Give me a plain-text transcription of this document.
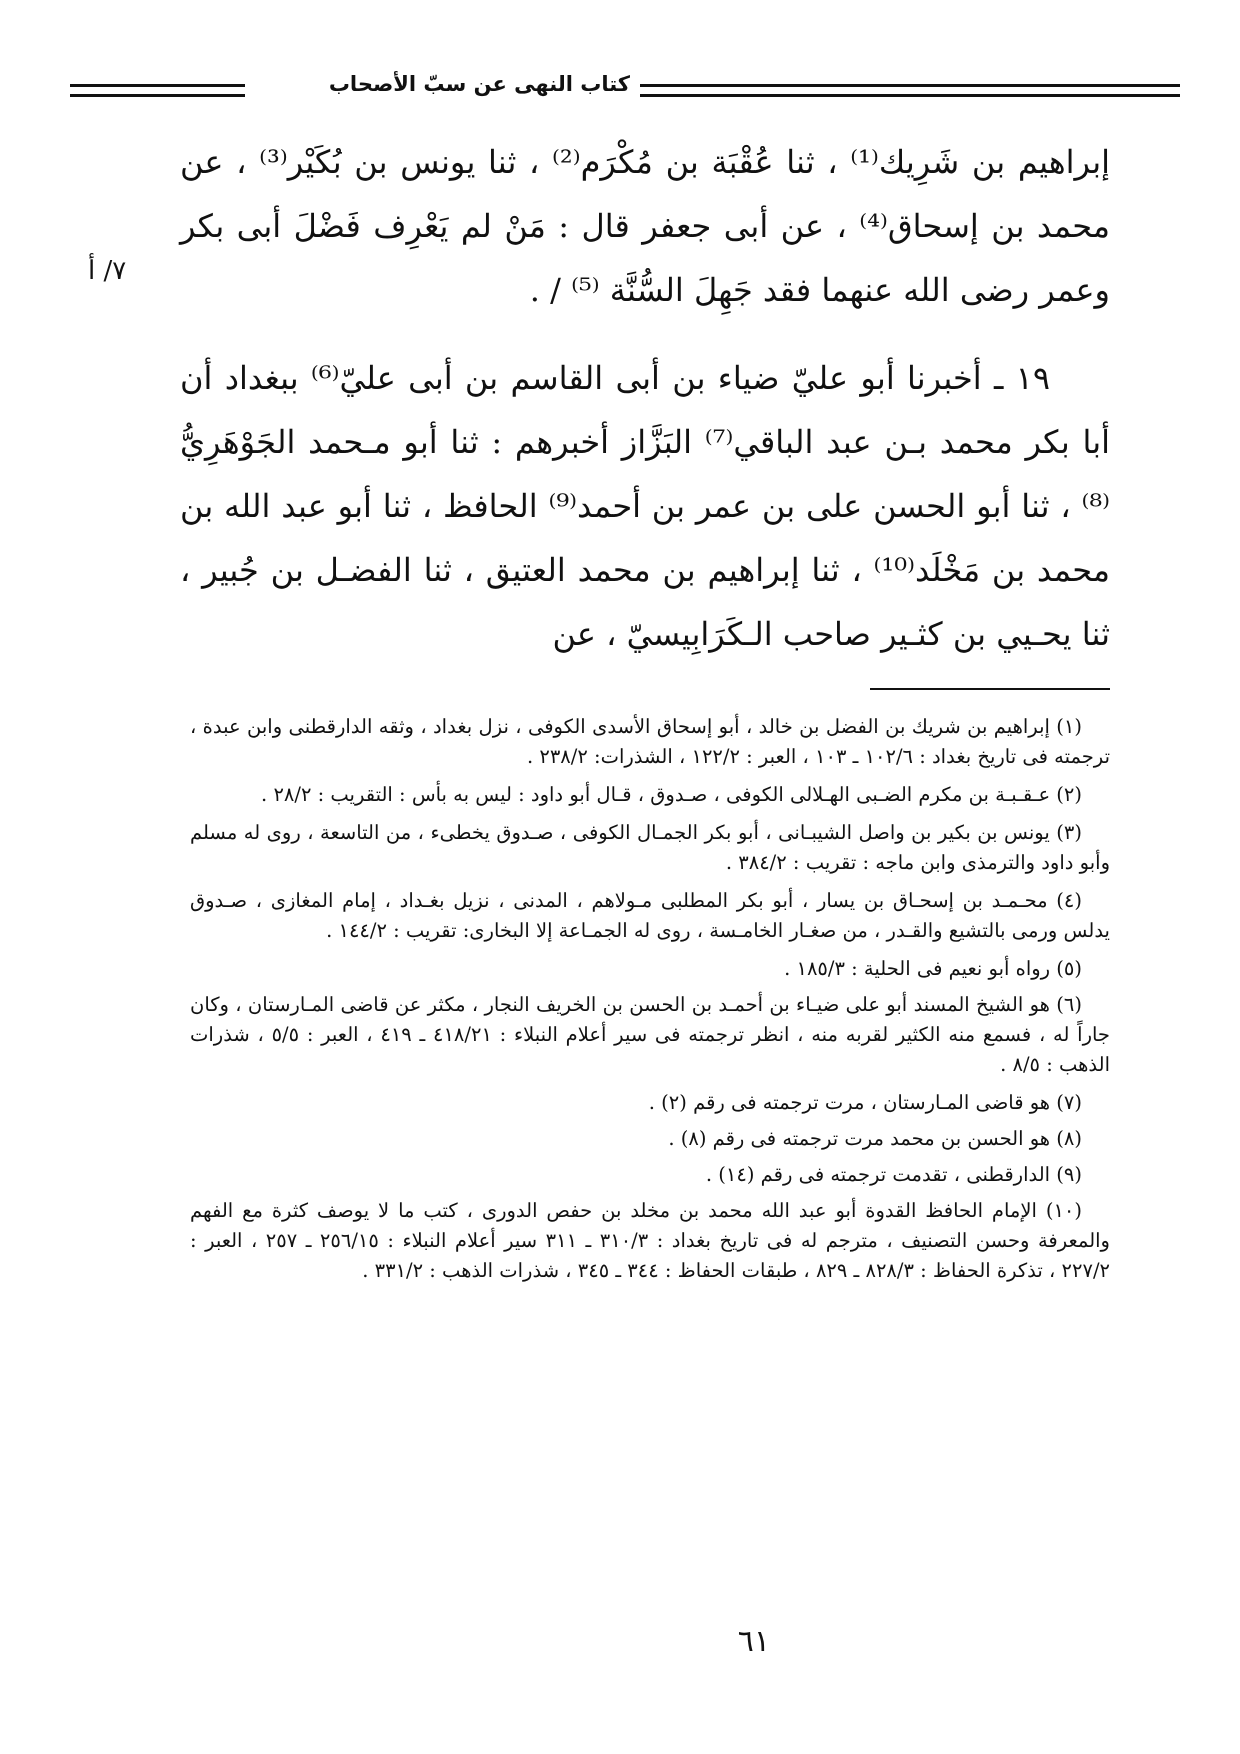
كتاب النهى عن سبّ الأصحاب
٧/ أ

إبراهيم بن شَرِيك⁽¹⁾ ، ثنا عُقْبَة بن مُكْرَم⁽²⁾ ، ثنا يونس بن بُكَيْر⁽³⁾ ، عن محمد بن إسحاق⁽⁴⁾ ، عن أبى جعفر قال : مَنْ لم يَعْرِف فَضْلَ أبى بكر وعمر رضى الله عنهما فقد جَهِلَ السُّنَّة ⁽⁵⁾ / .

١٩ ـ أخبرنا أبو عليّ ضياء بن أبى القاسم بن أبى عليّ⁽⁶⁾ ببغداد أن أبا بكر محمد بـن عبد الباقي⁽⁷⁾ البَزَّاز أخبرهم : ثنا أبو مـحمد الجَوْهَرِيُّ ⁽⁸⁾ ، ثنا أبو الحسن على بن عمر بن أحمد⁽⁹⁾ الحافظ ، ثنا أبو عبد الله بن محمد بن مَخْلَد⁽¹⁰⁾ ، ثنا إبراهيم بن محمد العتيق ، ثنا الفضـل بن جُبير ، ثنا يحـيي بن كثـير صاحب الـكَرَابِيسيّ ، عن

(١) إبراهيم بن شريك بن الفضل بن خالد ، أبو إسحاق الأسدى الكوفى ، نزل بغداد ، وثقه الدارقطنى وابن عبدة ، ترجمته فى تاريخ بغداد : ١٠٢/٦ ـ ١٠٣ ، العبر : ١٢٢/٢ ، الشذرات: ٢٣٨/٢ .

(٢) عـقـبـة بن مكرم الضـبى الهـلالى الكوفى ، صـدوق ، قـال أبو داود : ليس به بأس : التقريب : ٢٨/٢ .

(٣) يونس بن بكير بن واصل الشيبـانى ، أبو بكر الجمـال الكوفى ، صـدوق يخطىء ، من التاسعة ، روى له مسلم وأبو داود والترمذى وابن ماجه : تقريب : ٣٨٤/٢ .

(٤) محـمـد بن إسحـاق بن يسار ، أبو بكر المطلبى مـولاهم ، المدنى ، نزيل بغـداد ، إمام المغازى ، صـدوق يدلس ورمى بالتشيع والقـدر ، من صغـار الخامـسة ، روى له الجمـاعة إلا البخارى: تقريب : ١٤٤/٢ .

(٥) رواه أبو نعيم فى الحلية : ١٨٥/٣ .

(٦) هو الشيخ المسند أبو على ضيـاء بن أحمـد بن الحسن بن الخريف النجار ، مكثر عن قاضى المـارستان ، وكان جاراً له ، فسمع منه الكثير لقربه منه ، انظر ترجمته فى سير أعلام النبلاء : ٤١٨/٢١ ـ ٤١٩ ، العبر : ٥/٥ ، شذرات الذهب : ٨/٥ .

(٧) هو قاضى المـارستان ، مرت ترجمته فى رقم (٢) .

(٨) هو الحسن بن محمد مرت ترجمته فى رقم (٨) .

(٩) الدارقطنى ، تقدمت ترجمته فى رقم (١٤) .

(١٠) الإمام الحافظ القدوة أبو عبد الله محمد بن مخلد بن حفص الدورى ، كتب ما لا يوصف كثرة مع الفهم والمعرفة وحسن التصنيف ، مترجم له فى تاريخ بغداد : ٣١٠/٣ ـ ٣١١ سير أعلام النبلاء : ٢٥٦/١٥ ـ ٢٥٧ ، العبر : ٢٢٧/٢ ، تذكرة الحفاظ : ٨٢٨/٣ ـ ٨٢٩ ، طبقات الحفاظ : ٣٤٤ ـ ٣٤٥ ، شذرات الذهب : ٣٣١/٢ .

٦١
